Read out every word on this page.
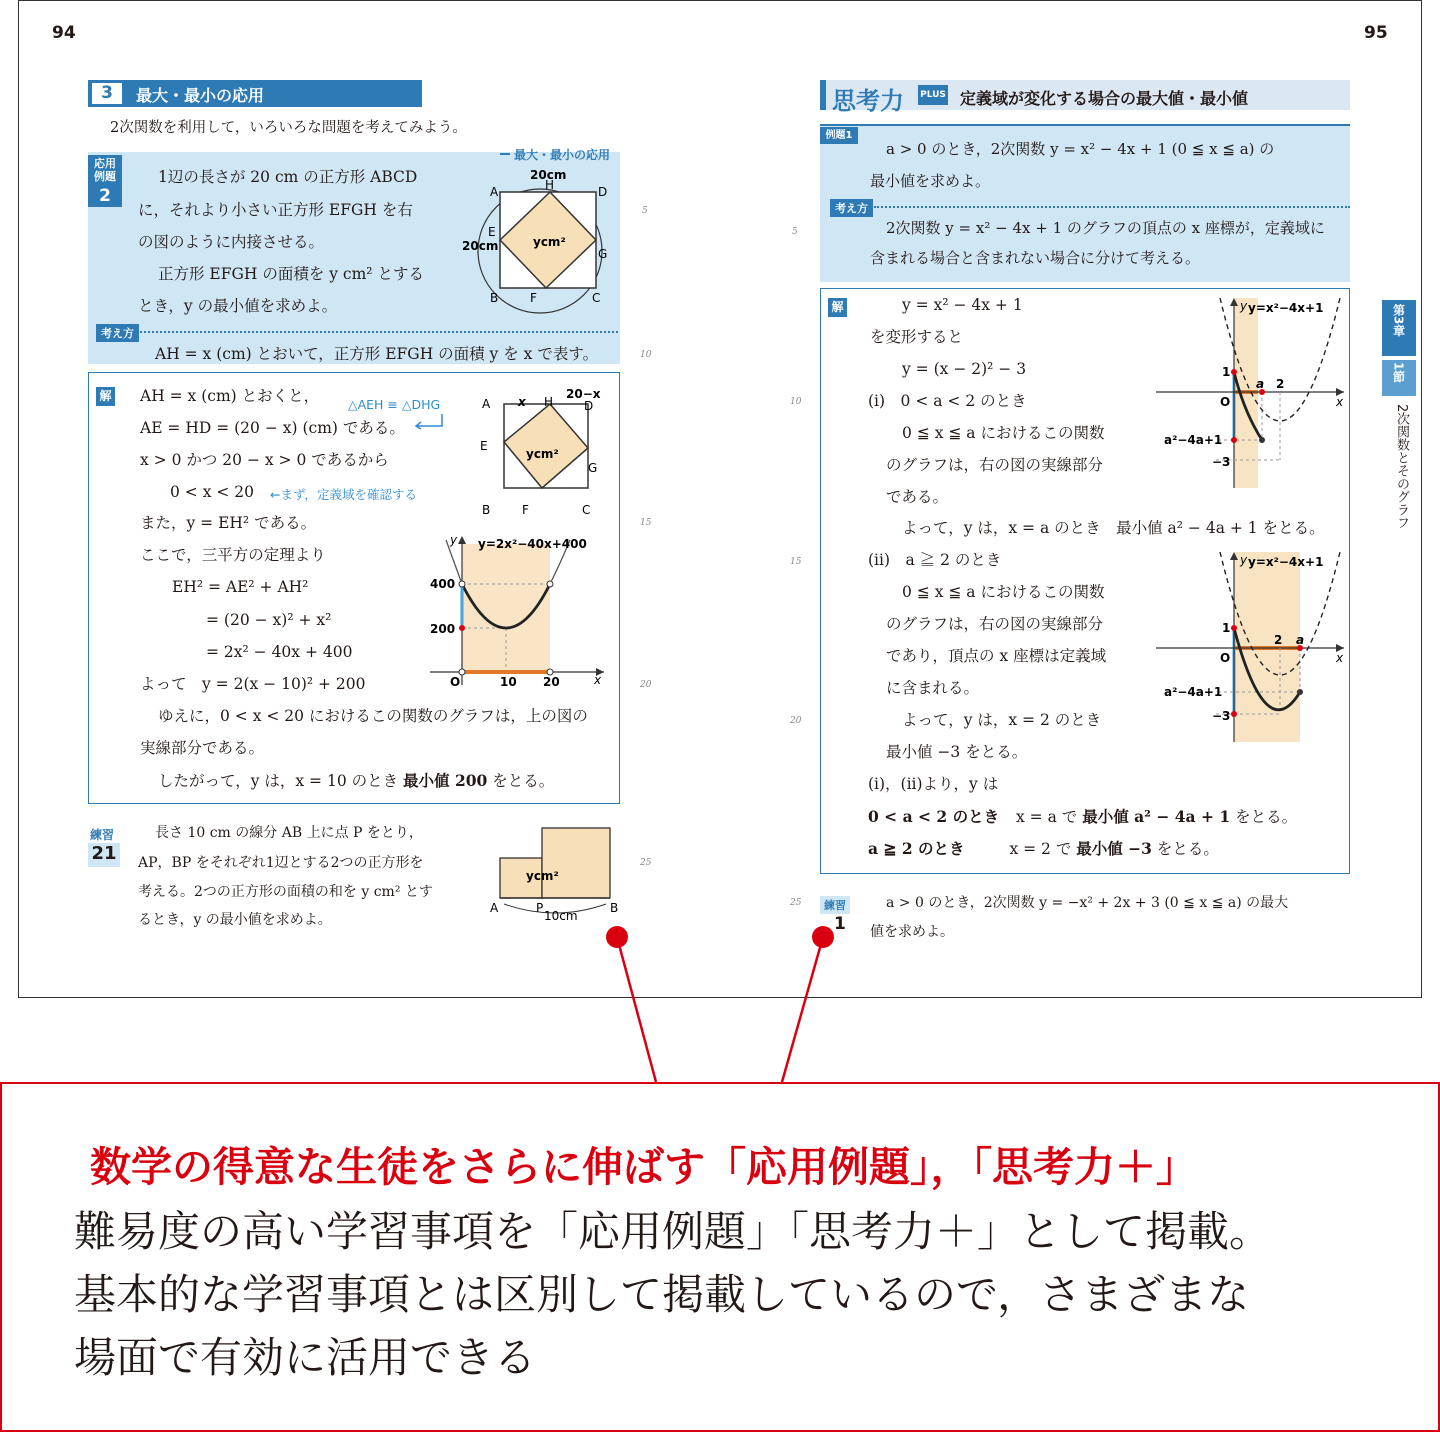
94	95
3	最大・最小の応用
2次関数を利用して，いろいろな問題を考えてみよう。
最大・最小の応用
応用例題
2
1辺の長さが 20 cm の正方形 ABCD
に，それより小さい正方形 EFGH を右
の図のように内接させる。
正方形 EFGH の面積を y cm² とする
とき，y の最小値を求めよ。
考え方
AH = x (cm) とおいて，正方形 EFGH の面積 y を x で表す。
A	D
H
20cm
E
20cm
G
B	F	C
ycm²
解 AH = x (cm) とおくと，
AE = HD = (20 − x) (cm) である。
x > 0 かつ 20 − x > 0 であるから
0 < x < 20
また，y = EH² である。
ここで，三平方の定理より
EH² = AE² + AH²
= (20 − x)² + x²
= 2x² − 40x + 400
よって　y = 2(x − 10)² + 200
ゆえに，0 < x < 20 におけるこの関数のグラフは，上の図の
実線部分である。
したがって，y は，x = 10 のとき 最小値 200 をとる。
△AEH ≡ △DHG
←まず，定義域を確認する
A x H
20−x
D
E
G
B	F	C
ycm²
y=2x²−40x+400
y
x
400
200
O	10 20
練習
21
長さ 10 cm の線分 AB 上に点 P をとり，
AP，BP をそれぞれ1辺とする2つの正方形を
考える。2つの正方形の面積の和を y cm² とす
るとき，y の最小値を求めよ。
A	P	B
10cm
ycm²
5
10
15
20
25
思考力 PLUS 定義域が変化する場合の最大値・最小値
例題1
a > 0 のとき，2次関数 y = x² − 4x + 1 (0 ≦ x ≦ a) の
最小値を求めよ。
考え方
2次関数 y = x² − 4x + 1 のグラフの頂点の x 座標が，定義域に
含まれる場合と含まれない場合に分けて考える。
解	y = x² − 4x + 1
を変形すると
y = (x − 2)² − 3
(i)　0 < a < 2 のとき
0 ≦ x ≦ a におけるこの関数
のグラフは，右の図の実線部分
である。
よって，y は，x = a のとき　最小値 a² − 4a + 1 をとる。
(ii)　a ≧ 2 のとき
0 ≦ x ≦ a におけるこの関数
のグラフは，右の図の実線部分
であり，頂点の x 座標は定義域
に含まれる。
よって，y は，x = 2 のとき
最小値 −3 をとる。
(i)，(ii)より，y は
0 < a < 2 のとき x = a で 最小値 a² − 4a + 1 をとる。
a ≧ 2 のとき	x = 2 で 最小値 −3 をとる。
y=x²−4x+1
y
x
1
a 2
O
a²−4a+1
−3
y=x²−4x+1
y
x
1
2 a
O
a²−4a+1
−3
練習
1
a > 0 のとき，2次関数 y = −x² + 2x + 3 (0 ≦ x ≦ a) の最大
値を求めよ。
第3章
1節
2次関数とそのグラフ
5
10
15
20
25
数学の得意な生徒をさらに伸ばす「応用例題」，「思考力＋」
難易度の高い学習事項を「応用例題」「思考力＋」として掲載。
基本的な学習事項とは区別して掲載しているので，さまざまな
場面で有効に活用できる
